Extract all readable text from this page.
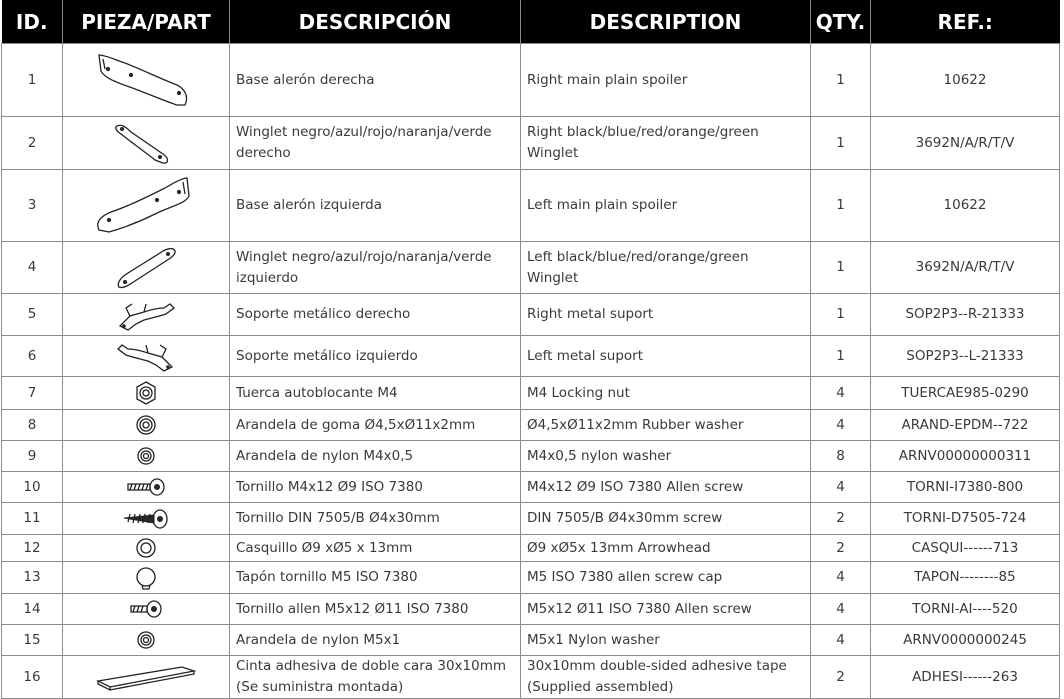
ID.	PIEZA/PART	DESCRIPCIÓN	DESCRIPTION	QTY.	REF.:
1		Base alerón derecha	Right main plain spoiler	1	10622
2		Winglet negro/azul/rojo/naranja/verde derecho	Right black/blue/red/orange/green Winglet	1	3692N/A/R/T/V
3		Base alerón izquierda	Left main plain spoiler	1	10622
4		Winglet negro/azul/rojo/naranja/verde izquierdo	Left black/blue/red/orange/green Winglet	1	3692N/A/R/T/V
5		Soporte metálico derecho	Right metal suport	1	SOP2P3--R-21333
6		Soporte metálico izquierdo	Left metal suport	1	SOP2P3--L-21333
7		Tuerca autoblocante M4	M4 Locking nut	4	TUERCAE985-0290
8		Arandela de goma Ø4,5xØ11x2mm	Ø4,5xØ11x2mm Rubber washer	4	ARAND-EPDM--722
9		Arandela de nylon M4x0,5	M4x0,5 nylon washer	8	ARNV00000000311
10		Tornillo M4x12 Ø9 ISO 7380	M4x12 Ø9 ISO 7380 Allen screw	4	TORNI-I7380-800
11		Tornillo DIN 7505/B Ø4x30mm	DIN 7505/B Ø4x30mm screw	2	TORNI-D7505-724
12		Casquillo Ø9 xØ5 x 13mm	Ø9 xØ5x 13mm Arrowhead	2	CASQUI------713
13		Tapón tornillo M5 ISO 7380	M5 ISO 7380 allen screw cap	4	TAPON--------85
14		Tornillo allen M5x12 Ø11 ISO 7380	M5x12 Ø11 ISO 7380 Allen screw	4	TORNI-AI----520
15		Arandela de nylon M5x1	M5x1 Nylon washer	4	ARNV0000000245
16		Cinta adhesiva de doble cara 30x10mm (Se suministra montada)	30x10mm double-sided adhesive tape (Supplied assembled)	2	ADHESI------263
